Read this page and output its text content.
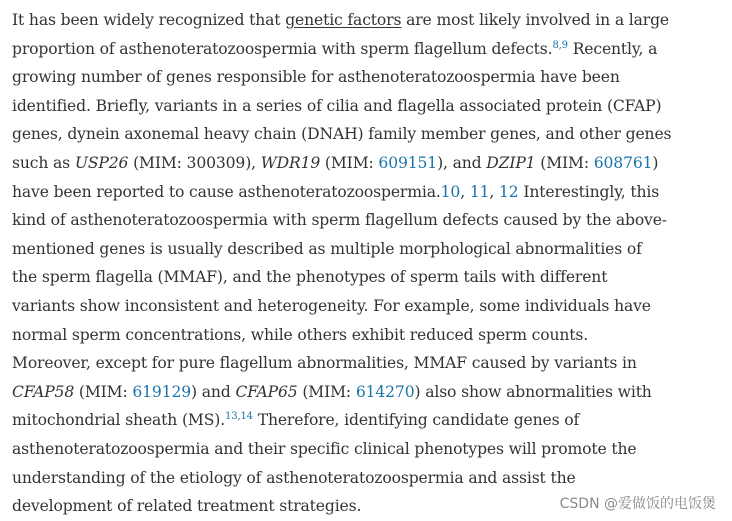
It has been widely recognized that genetic factors are most likely involved in a large
proportion of asthenoteratozoospermia with sperm flagellum defects.$^{8,9}$ Recently, a
growing number of genes responsible for asthenoteratozoospermia have been
identified. Briefly, variants in a series of cilia and flagella associated protein (CFAP)
genes, dynein axonemal heavy chain (DNAH) family member genes, and other genes
such as USP26 (MIM: 300309), WDR19 (MIM: 609151), and DZIP1 (MIM: 608761)
have been reported to cause asthenoteratozoospermia.10, 11, 12 Interestingly, this
kind of asthenoteratozoospermia with sperm flagellum defects caused by the above-
mentioned genes is usually described as multiple morphological abnormalities of
the sperm flagella (MMAF), and the phenotypes of sperm tails with different
variants show inconsistent and heterogeneity. For example, some individuals have
normal sperm concentrations, while others exhibit reduced sperm counts.
Moreover, except for pure flagellum abnormalities, MMAF caused by variants in
CFAP58 (MIM: 619129) and CFAP65 (MIM: 614270) also show abnormalities with
mitochondrial sheath (MS).$^{13,14}$ Therefore, identifying candidate genes of
asthenoteratozoospermia and their specific clinical phenotypes will promote the
understanding of the etiology of asthenoteratozoospermia and assist the
development of related treatment strategies.	CSDN @爱做饭的电饭煲
